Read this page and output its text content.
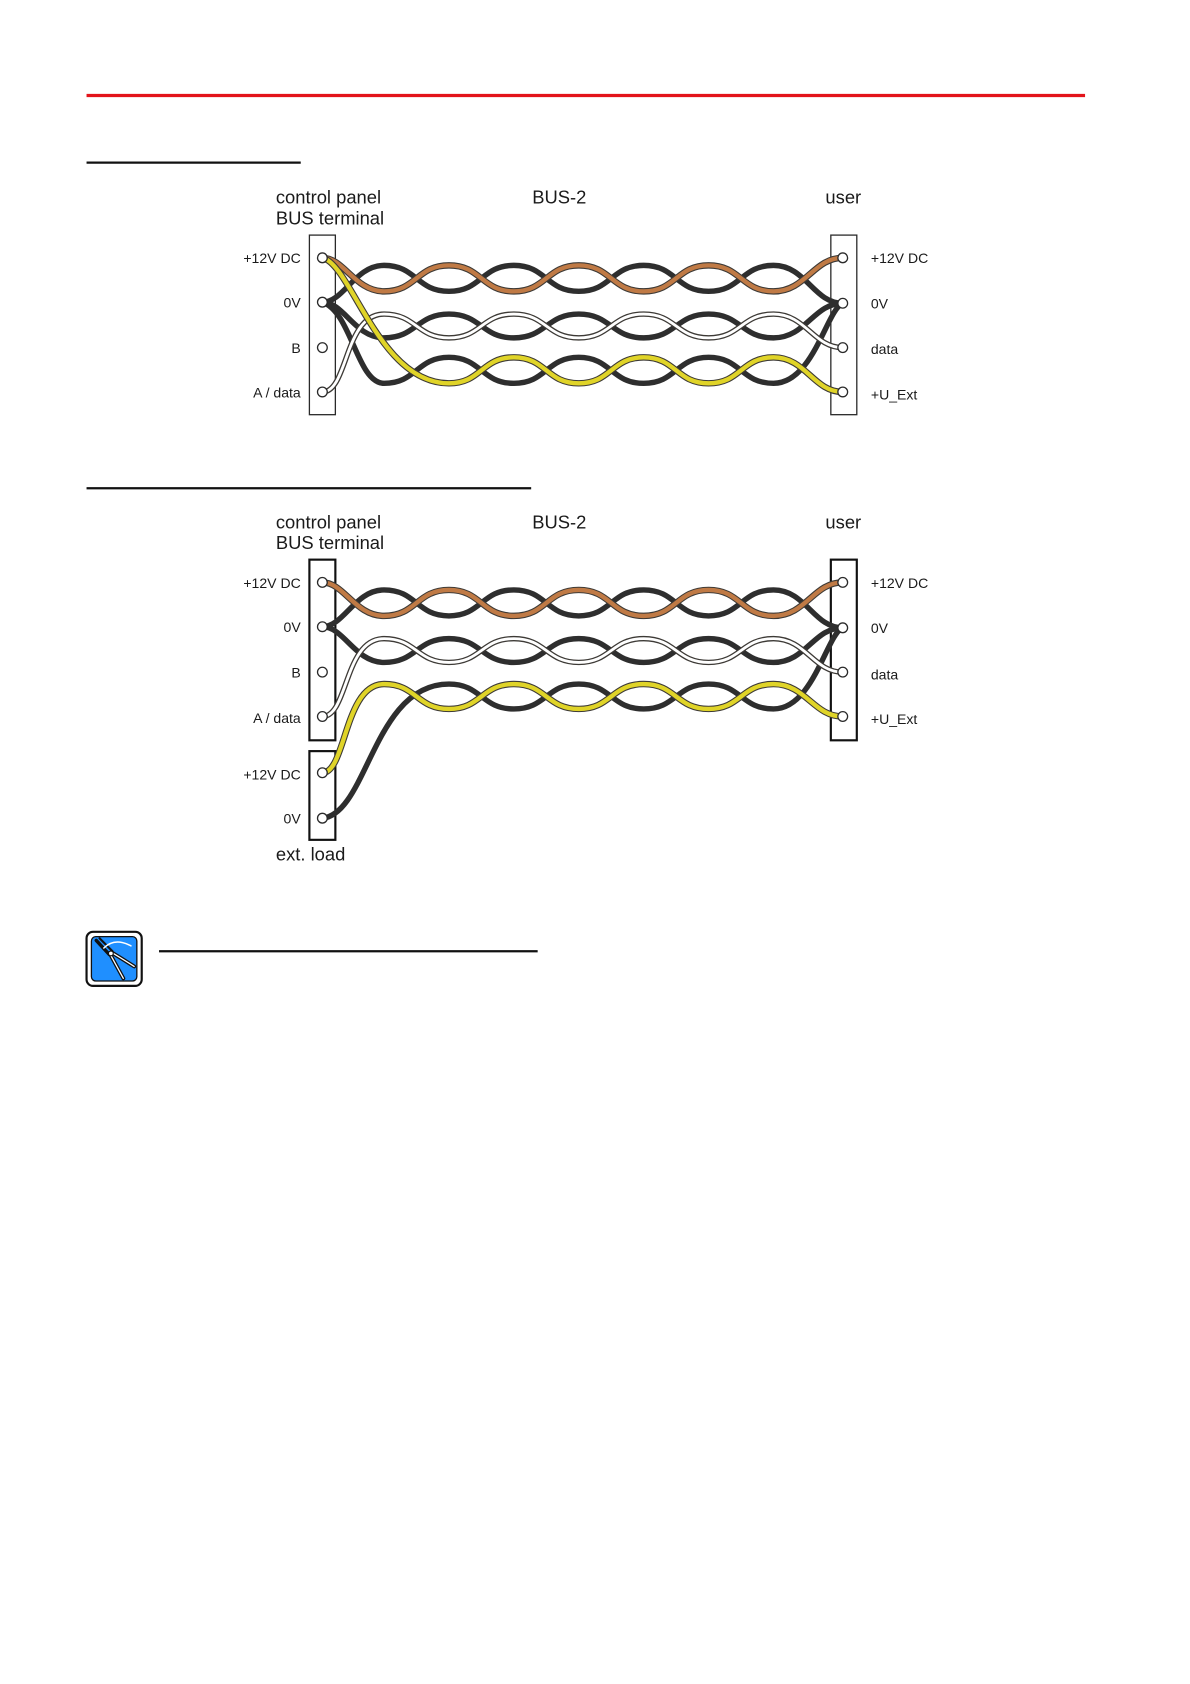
control panel
BUS terminal
BUS-2	user
+12V DC
0V
B
A / data
+12V DC
0V
data
+U_Ext
control panel
BUS terminal
BUS-2	user
+12V DC
0V
B
A / data
+12V DC
0V
ext. load
+12V DC
0V
data
+U_Ext
